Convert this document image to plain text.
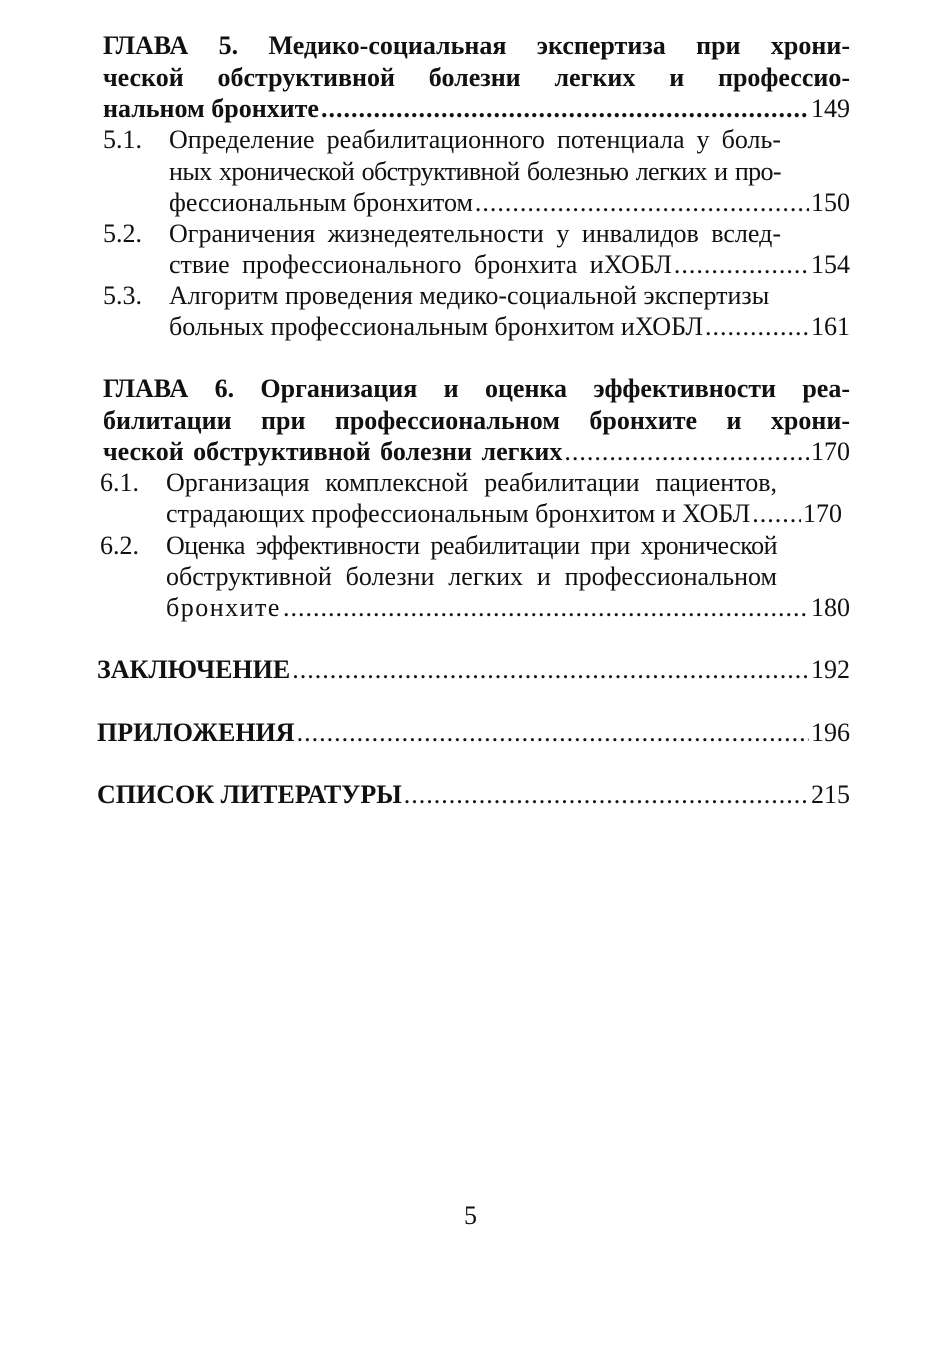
ГЛАВА 5. Медико-социальная экспертиза при хрони-
ческой обструктивной болезни легких и профессио-
нальном бронхите .....	149
5.1. Определение реабилитационного потенциала у боль-
ных хронической обструктивной болезнью легких и про-
фессиональным бронхитом .....	150
5.2. Ограничения жизнедеятельности у инвалидов вслед-
ствие профессионального бронхита иХОБЛ .....	154
5.3. Алгоритм проведения медико-социальной экспертизы
больных профессиональным бронхитом иХОБЛ .....	161
ГЛАВА 6. Организация и оценка эффективности реа-
билитации при профессиональном бронхите и хрони-
ческой обструктивной болезни легких .....	170
6.1. Организация комплексной реабилитации пациентов,
страдающих профессиональным бронхитом и ХОБЛ ..... 170
6.2. Оценка эффективности реабилитации при хронической
обструктивной болезни легких и профессиональном
бронхите .....	180
ЗАКЛЮЧЕНИЕ .....	192
ПРИЛОЖЕНИЯ .....	196
СПИСОК ЛИТЕРАТУРЫ .....	215
5
